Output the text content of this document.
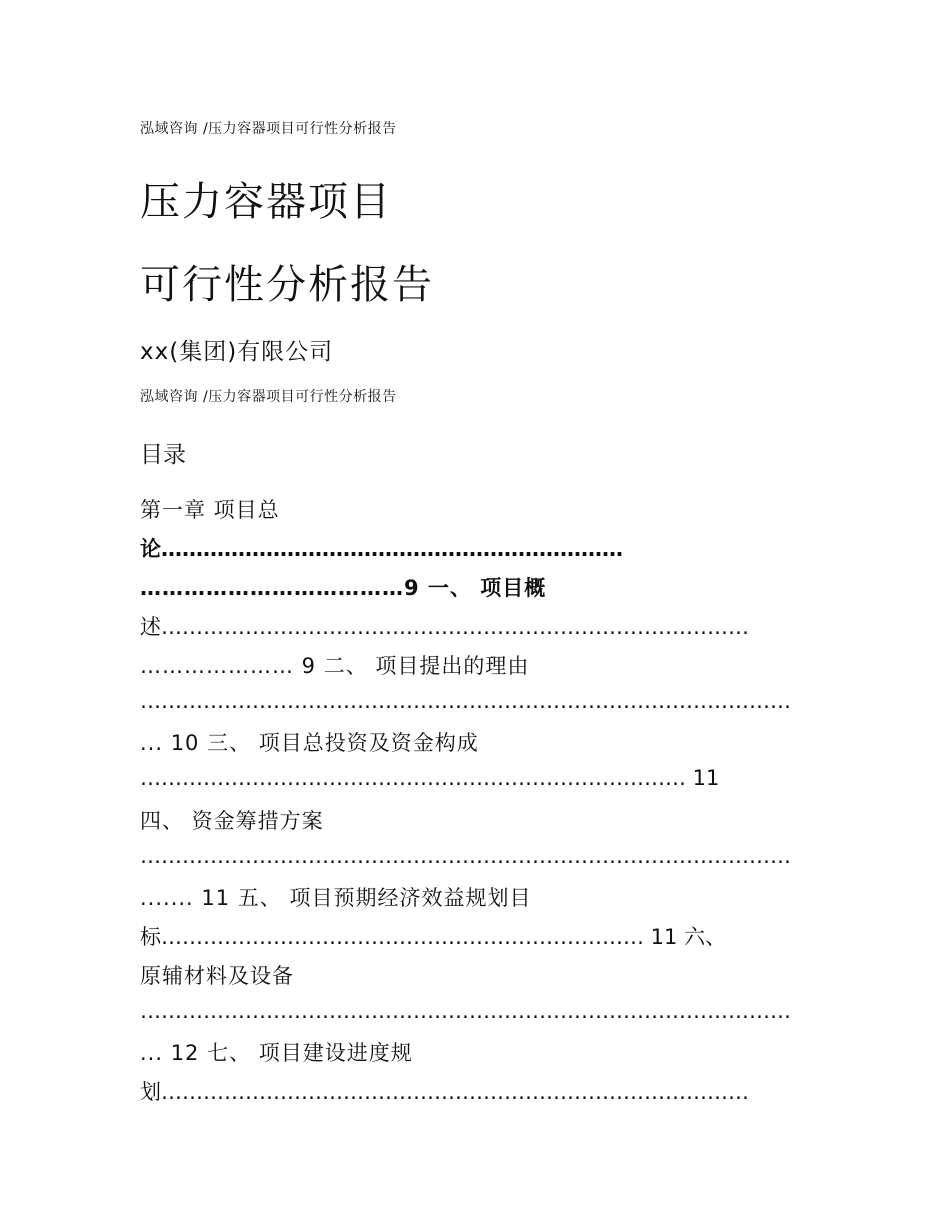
泓域咨询 /压力容器项目可行性分析报告
压力容器项目
可行性分析报告
xx(集团)有限公司
泓域咨询 /压力容器项目可行性分析报告
目录
第一章 项目总
论…………………………………………………………
………………………………9 一、 项目概
述…………………………………………………………………………
………………… 9 二、 项目提出的理由
…………………………………………………………………………………
... 10 三、 项目总投资及资金构成
…………………………………………………………………… 11
四、 资金筹措方案
…………………………………………………………………………………
....... 11 五、 项目预期经济效益规划目
标…………………………………………………………… 11 六、
原辅材料及设备
…………………………………………………………………………………
... 12 七、 项目建设进度规
划…………………………………………………………………………
